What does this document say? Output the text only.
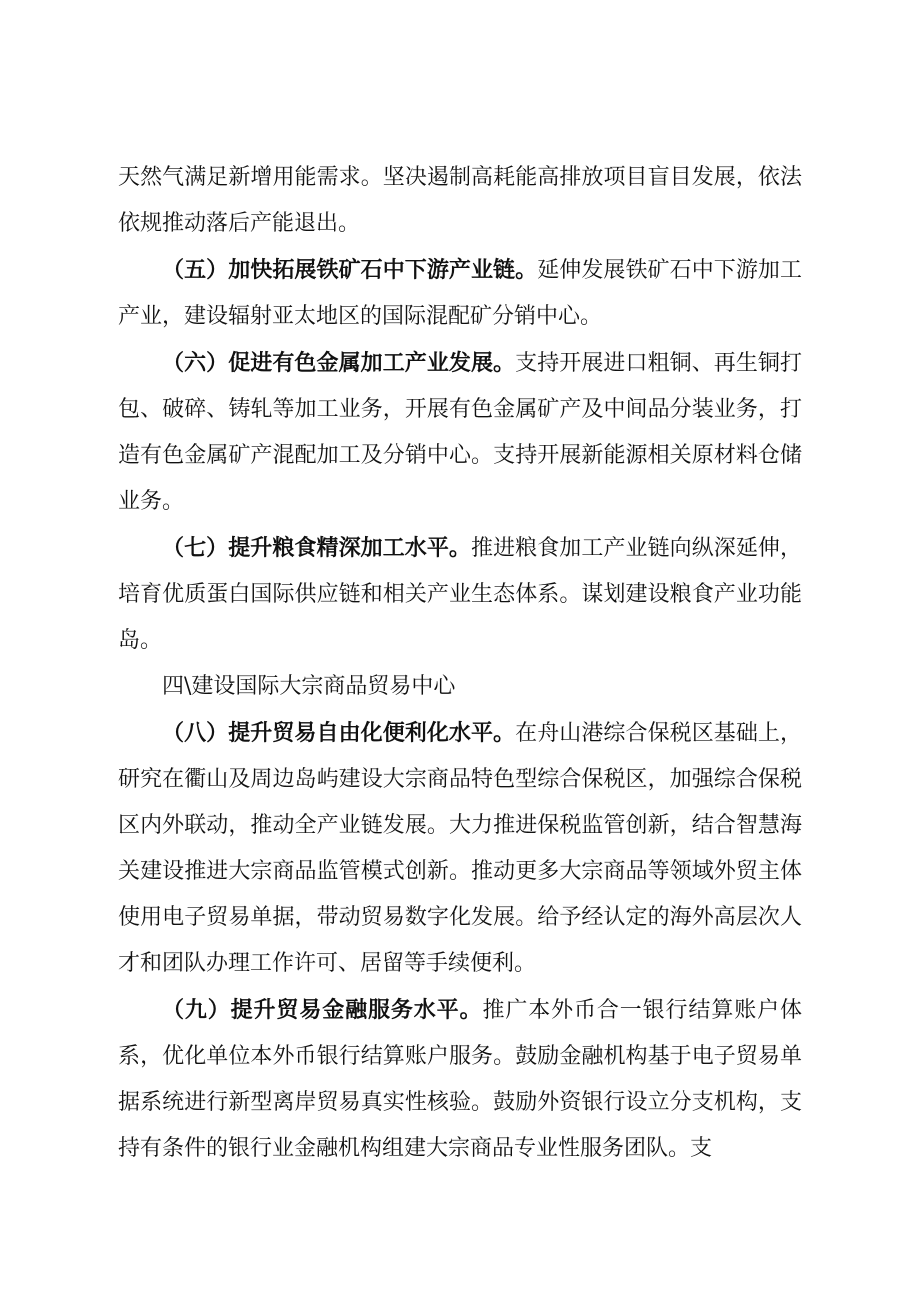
天然气满足新增用能需求。坚决遏制高耗能高排放项目盲目发展，依法依规推动落后产能退出。

（五）加快拓展铁矿石中下游产业链。延伸发展铁矿石中下游加工产业，建设辐射亚太地区的国际混配矿分销中心。

（六）促进有色金属加工产业发展。支持开展进口粗铜、再生铜打包、破碎、铸轧等加工业务，开展有色金属矿产及中间品分装业务，打造有色金属矿产混配加工及分销中心。支持开展新能源相关原材料仓储业务。

（七）提升粮食精深加工水平。推进粮食加工产业链向纵深延伸，培育优质蛋白国际供应链和相关产业生态体系。谋划建设粮食产业功能岛。

四\建设国际大宗商品贸易中心

（八）提升贸易自由化便利化水平。在舟山港综合保税区基础上，研究在衢山及周边岛屿建设大宗商品特色型综合保税区，加强综合保税区内外联动，推动全产业链发展。大力推进保税监管创新，结合智慧海关建设推进大宗商品监管模式创新。推动更多大宗商品等领域外贸主体使用电子贸易单据，带动贸易数字化发展。给予经认定的海外高层次人才和团队办理工作许可、居留等手续便利。

（九）提升贸易金融服务水平。推广本外币合一银行结算账户体系，优化单位本外币银行结算账户服务。鼓励金融机构基于电子贸易单据系统进行新型离岸贸易真实性核验。鼓励外资银行设立分支机构，支持有条件的银行业金融机构组建大宗商品专业性服务团队。支
